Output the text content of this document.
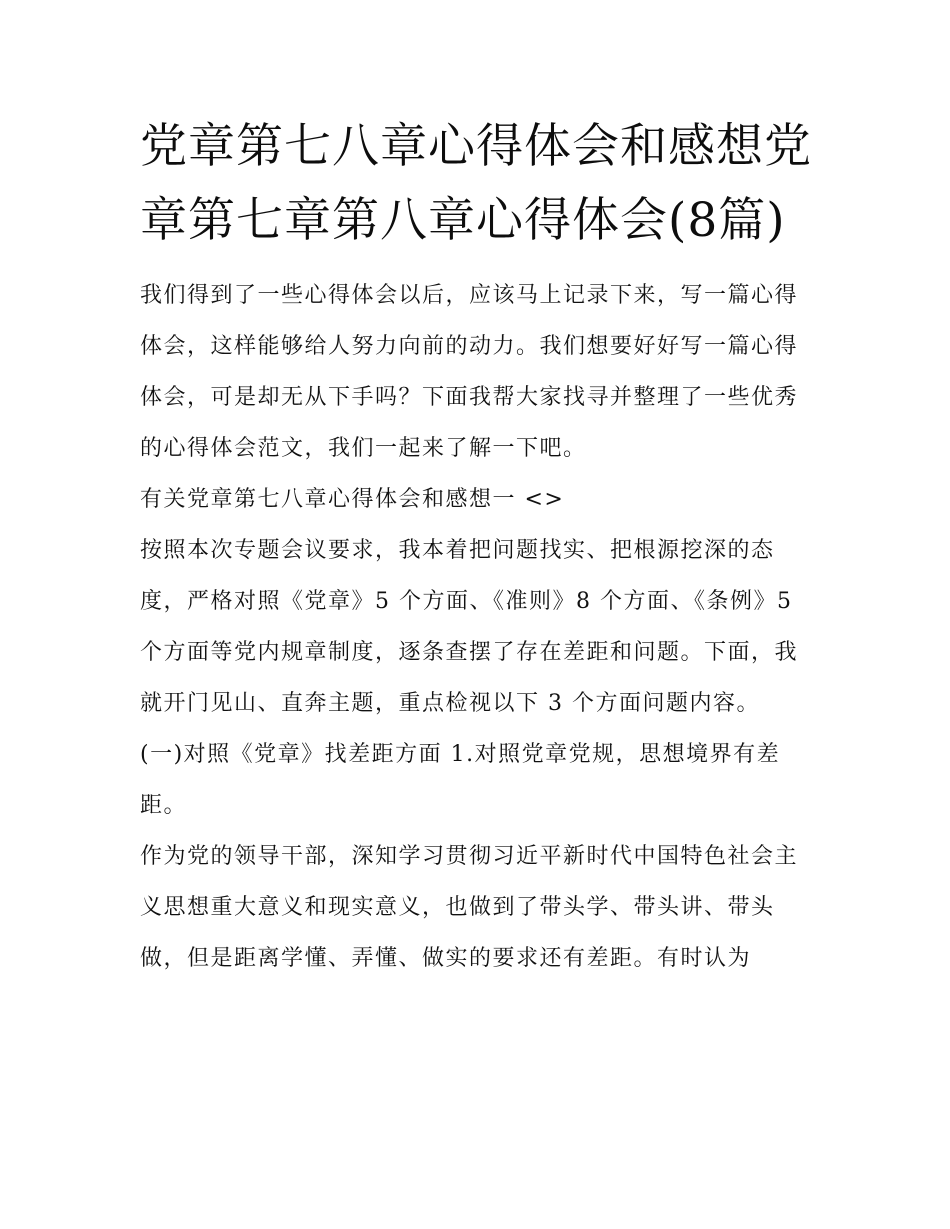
党章第七八章心得体会和感想党章第七章第八章心得体会(8篇)

我们得到了一些心得体会以后，应该马上记录下来，写一篇心得体会，这样能够给人努力向前的动力。我们想要好好写一篇心得体会，可是却无从下手吗？下面我帮大家找寻并整理了一些优秀的心得体会范文，我们一起来了解一下吧。

有关党章第七八章心得体会和感想一 <>

按照本次专题会议要求，我本着把问题找实、把根源挖深的态度，严格对照《党章》5 个方面、《准则》8 个方面、《条例》5 个方面等党内规章制度，逐条查摆了存在差距和问题。下面，我就开门见山、直奔主题，重点检视以下 3 个方面问题内容。

(一)对照《党章》找差距方面 1.对照党章党规，思想境界有差距。

作为党的领导干部，深知学习贯彻习近平新时代中国特色社会主义思想重大意义和现实意义，也做到了带头学、带头讲、带头做，但是距离学懂、弄懂、做实的要求还有差距。有时认为
